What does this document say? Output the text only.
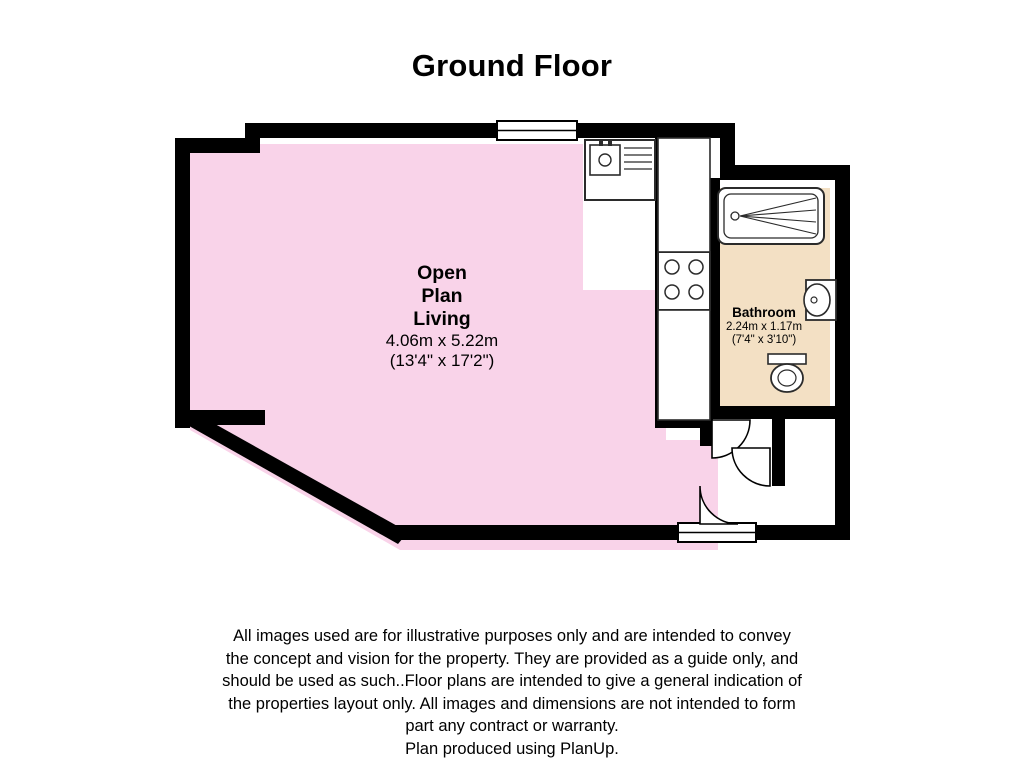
Ground Floor
Open
Plan
Living
4.06m x 5.22m
(13'4" x 17'2")
Bathroom
2.24m x 1.17m
(7'4" x 3'10")
All images used are for illustrative purposes only and are intended to convey
the concept and vision for the property. They are provided as a guide only, and
should be used as such..Floor plans are intended to give a general indication of
the properties layout only. All images and dimensions are not intended to form
part any contract or warranty.
Plan produced using PlanUp.
